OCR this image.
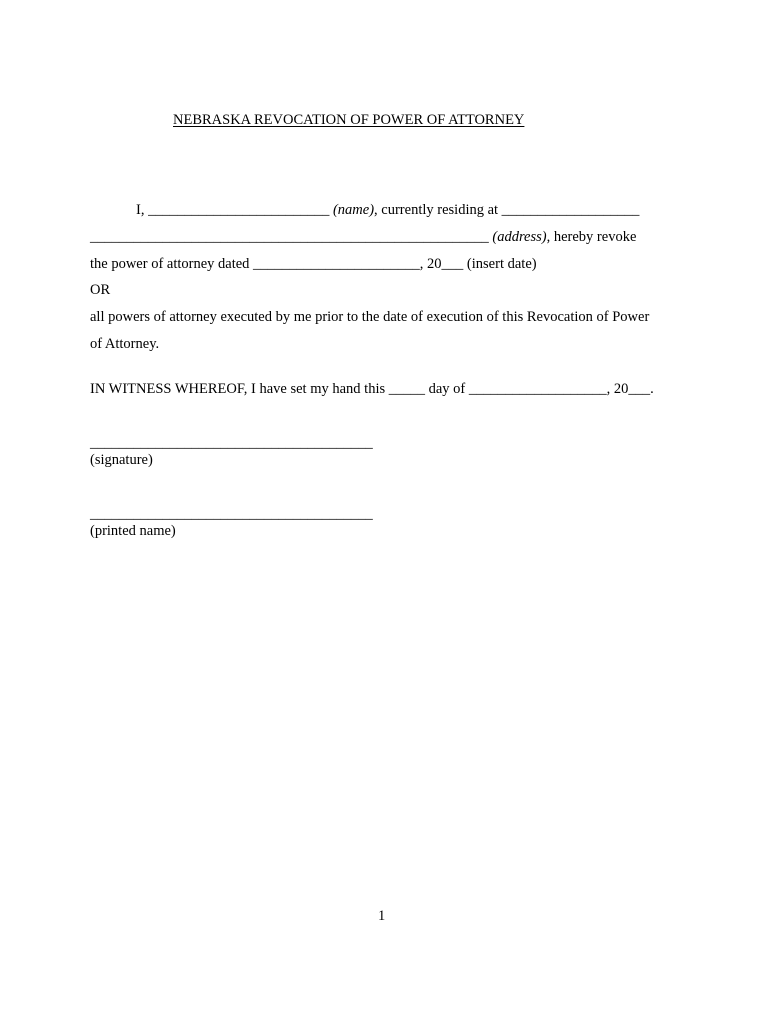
NEBRASKA REVOCATION OF POWER OF ATTORNEY
I, _________________________ (name), currently residing at ___________________
_______________________________________________________ (address), hereby revoke
the power of attorney dated _______________________, 20___ (insert date)
OR
all powers of attorney executed by me prior to the date of execution of this Revocation of Power
of Attorney.
IN WITNESS WHEREOF, I have set my hand this _____ day of ___________________, 20___.
_______________________________________
(signature)
_______________________________________
(printed name)
1
